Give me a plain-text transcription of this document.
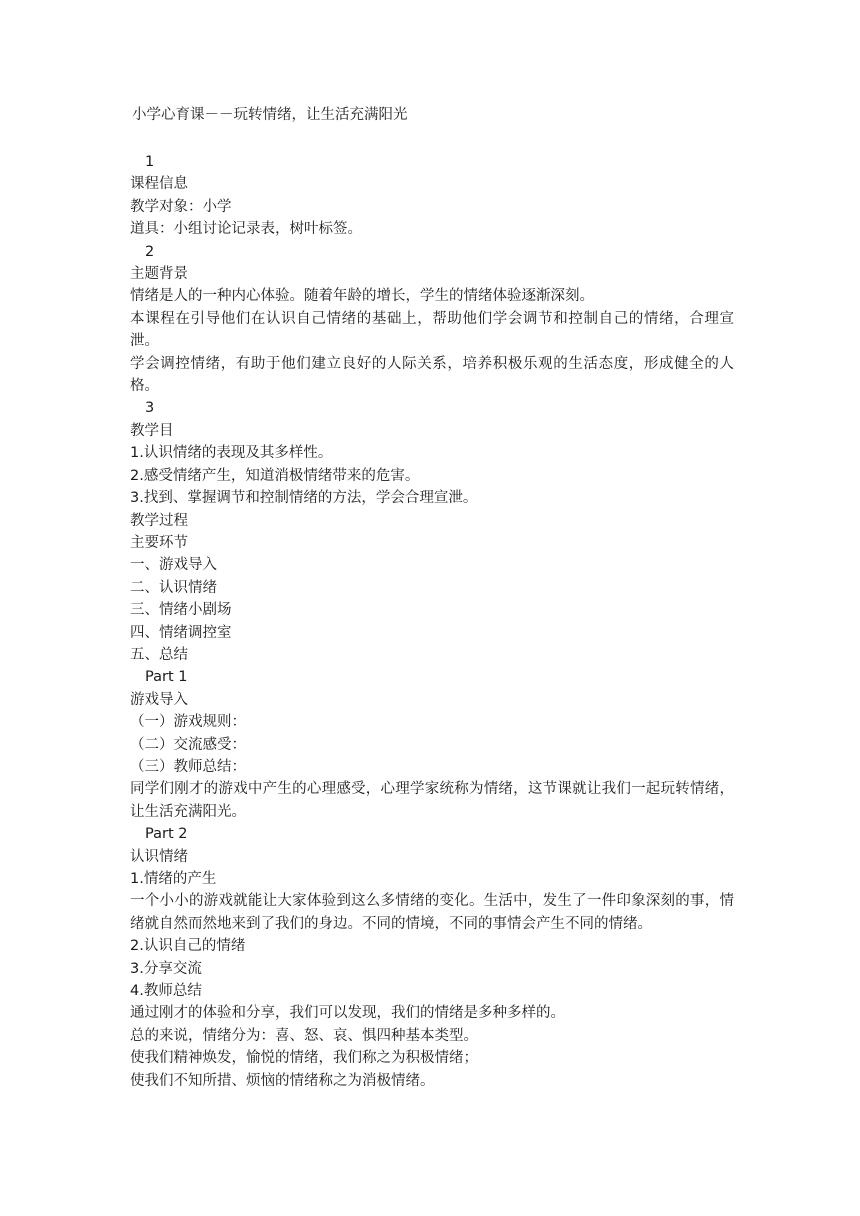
小学心育课－－玩转情绪，让生活充满阳光
1
课程信息
教学对象：小学
道具：小组讨论记录表，树叶标签。
2
主题背景
情绪是人的一种内心体验。随着年龄的增长，学生的情绪体验逐渐深刻。
本课程在引导他们在认识自己情绪的基础上，帮助他们学会调节和控制自己的情绪，合理宣泄。
学会调控情绪，有助于他们建立良好的人际关系，培养积极乐观的生活态度，形成健全的人格。
3
教学目
1.认识情绪的表现及其多样性。
2.感受情绪产生，知道消极情绪带来的危害。
3.找到、掌握调节和控制情绪的方法，学会合理宣泄。
教学过程
主要环节
一、游戏导入
二、认识情绪
三、情绪小剧场
四、情绪调控室
五、总结
Part 1
游戏导入
（一）游戏规则：
（二）交流感受：
（三）教师总结：
同学们刚才的游戏中产生的心理感受，心理学家统称为情绪，这节课就让我们一起玩转情绪，让生活充满阳光。
Part 2
认识情绪
1.情绪的产生
一个小小的游戏就能让大家体验到这么多情绪的变化。生活中，发生了一件印象深刻的事，情绪就自然而然地来到了我们的身边。不同的情境，不同的事情会产生不同的情绪。
2.认识自己的情绪
3.分享交流
4.教师总结
通过刚才的体验和分享，我们可以发现，我们的情绪是多种多样的。
总的来说，情绪分为：喜、怒、哀、惧四种基本类型。
使我们精神焕发，愉悦的情绪，我们称之为积极情绪；
使我们不知所措、烦恼的情绪称之为消极情绪。
